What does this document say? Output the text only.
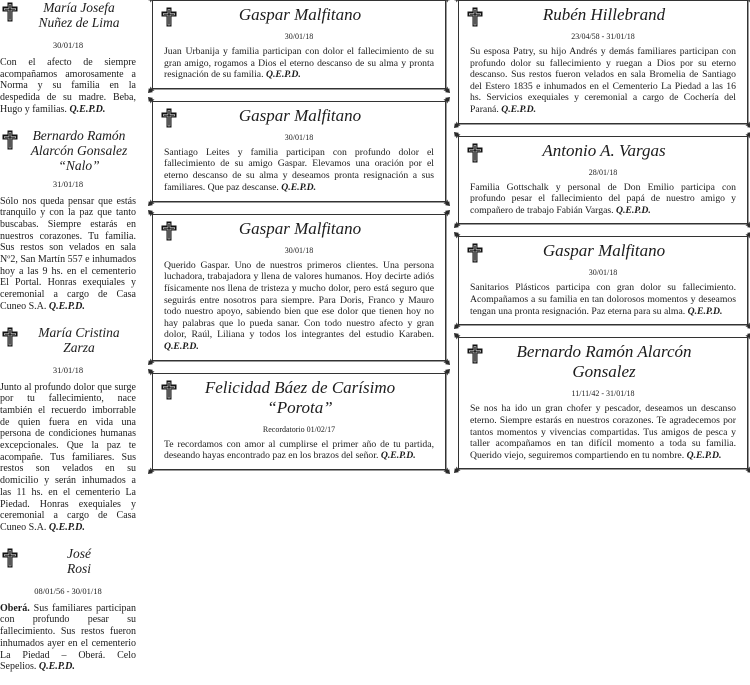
María Josefa
Nuñez de Lima
30/01/18
Con el afecto de siempre acompañamos amorosamente a Norma y su familia en la despedida de su madre. Beba, Hugo y familias. Q.E.P.D.
Bernardo Ramón
Alarcón Gonsalez “Nalo”
31/01/18
Sólo nos queda pensar que estás tranquilo y con la paz que tanto buscabas. Siempre estarás en nuestros corazones. Tu familia. Sus restos son velados en sala Nº2, San Martín 557 e inhumados hoy a las 9 hs. en el cementerio El Portal. Honras exequiales y ceremonial a cargo de Casa Cuneo S.A. Q.E.P.D.
María Cristina
Zarza
31/01/18
Junto al profundo dolor que surge por tu fallecimiento, nace también el recuerdo imborrable de quien fuera en vida una persona de condiciones humanas excepcionales. Que la paz te acompañe. Tus familiares. Sus restos son velados en su domicilio y serán inhumados a las 11 hs. en el cementerio La Piedad. Honras exequiales y ceremonial a cargo de Casa Cuneo S.A. Q.E.P.D.
José
Rosi
08/01/56 - 30/01/18
Oberá. Sus familiares participan con profundo pesar su fallecimiento. Sus restos fueron inhumados ayer en el cementerio La Piedad – Oberá. Celo Sepelios. Q.E.P.D.
Gaspar Malfitano
30/01/18
Juan Urbanija y familia participan con dolor el fallecimiento de su gran amigo, rogamos a Dios el eterno descanso de su alma y pronta resignación de su familia. Q.E.P.D.
Gaspar Malfitano
30/01/18
Santiago Leites y familia participan con profundo dolor el fallecimiento de su amigo Gaspar. Elevamos una oración por el eterno descanso de su alma y deseamos pronta resignación a sus familiares. Que paz descanse. Q.E.P.D.
Gaspar Malfitano
30/01/18
Querido Gaspar. Uno de nuestros primeros clientes. Una persona luchadora, trabajadora y llena de valores humanos. Hoy decirte adiós físicamente nos llena de tristeza y mucho dolor, pero está seguro que seguirás entre nosotros para siempre. Para Doris, Franco y Mauro todo nuestro apoyo, sabiendo bien que ese dolor que tienen hoy no hay palabras que lo pueda sanar. Con todo nuestro afecto y gran dolor, Raúl, Liliana y todos los integrantes del estudio Karaben. Q.E.P.D.
Felicidad Báez de Carísimo “Porota”
Recordatorio 01/02/17
Te recordamos con amor al cumplirse el primer año de tu partida, deseando hayas encontrado paz en los brazos del señor. Q.E.P.D.
Rubén Hillebrand
23/04/58 - 31/01/18
Su esposa Patry, su hijo Andrés y demás familiares participan con profundo dolor su fallecimiento y ruegan a Dios por su eterno descanso. Sus restos fueron velados en sala Bromelia de Santiago del Estero 1835 e inhumados en el Cementerio La Piedad a las 16 hs. Servicios exequiales y ceremonial a cargo de Cochería del Paraná. Q.E.P.D.
Antonio A. Vargas
28/01/18
Familia Gottschalk y personal de Don Emilio participa con profundo pesar el fallecimiento del papá de nuestro amigo y compañero de trabajo Fabián Vargas. Q.E.P.D.
Gaspar Malfitano
30/01/18
Sanitarios Plásticos participa con gran dolor su fallecimiento. Acompañamos a su familia en tan dolorosos momentos y deseamos tengan una pronta resignación. Paz eterna para su alma. Q.E.P.D.
Bernardo Ramón Alarcón Gonsalez
11/11/42 - 31/01/18
Se nos ha ido un gran chofer y pescador, deseamos un descanso eterno. Siempre estarás en nuestros corazones. Te agradecemos por tantos momentos y vivencias compartidas. Tus amigos de pesca y taller acompañamos en tan difícil momento a toda su familia. Querido viejo, seguiremos compartiendo en tu nombre. Q.E.P.D.
